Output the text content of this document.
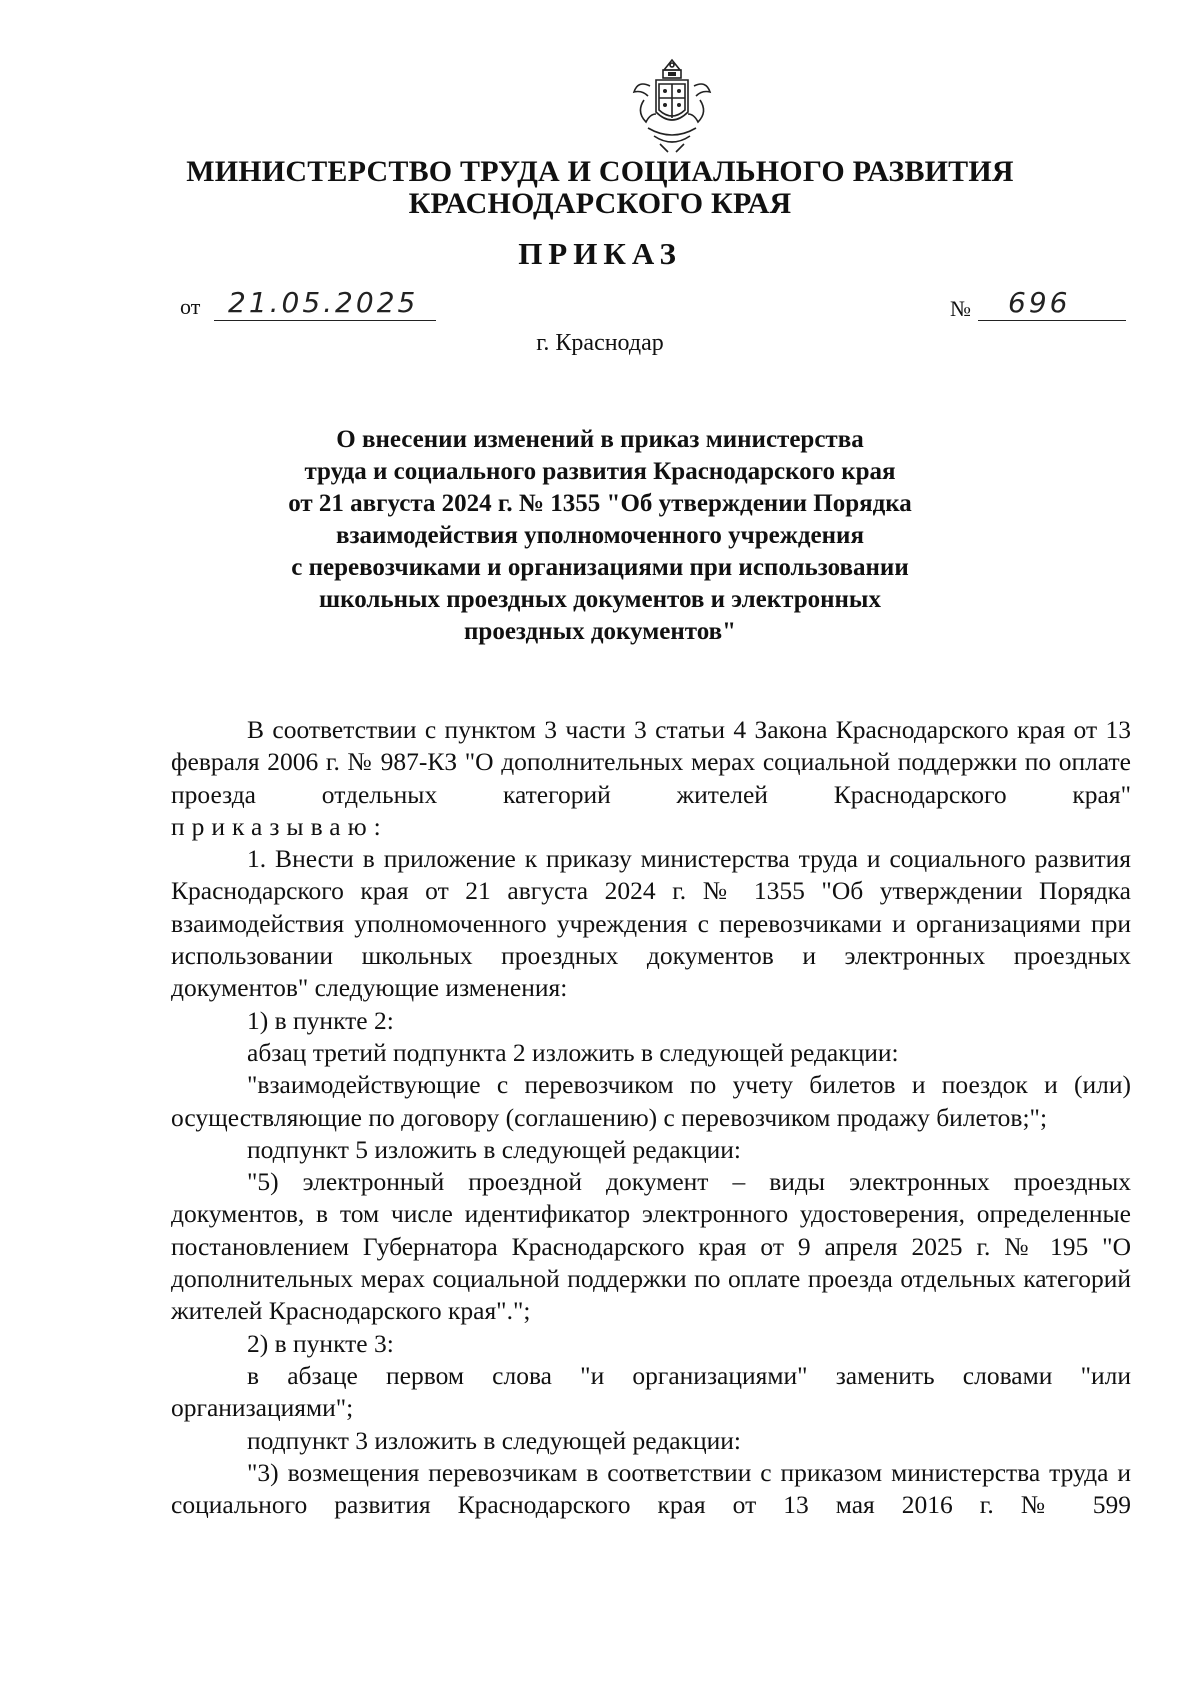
МИНИСТЕРСТВО ТРУДА И СОЦИАЛЬНОГО РАЗВИТИЯ
КРАСНОДАРСКОГО КРАЯ
ПРИКАЗ
от 21.05.2025	№ 696
г. Краснодар
О внесении изменений в приказ министерства
труда и социального развития Краснодарского края
от 21 августа 2024 г. № 1355 "Об утверждении Порядка
взаимодействия уполномоченного учреждения
с перевозчиками и организациями при использовании
школьных проездных документов и электронных
проездных документов"

В соответствии с пунктом 3 части 3 статьи 4 Закона Краснодарского края от 13 февраля 2006 г. № 987-КЗ "О дополнительных мерах социальной поддержки по оплате проезда отдельных категорий жителей Краснодарского края"

приказываю:

1. Внести в приложение к приказу министерства труда и социального развития Краснодарского края от 21 августа 2024 г. № 1355 "Об утверждении Порядка взаимодействия уполномоченного учреждения с перевозчиками и организациями при использовании школьных проездных документов и электронных проездных документов" следующие изменения:

1) в пункте 2:

абзац третий подпункта 2 изложить в следующей редакции:

"взаимодействующие с перевозчиком по учету билетов и поездок и (или) осуществляющие по договору (соглашению) с перевозчиком продажу билетов;";

подпункт 5 изложить в следующей редакции:

"5) электронный проездной документ – виды электронных проездных документов, в том числе идентификатор электронного удостоверения, определенные постановлением Губернатора Краснодарского края от 9 апреля 2025 г. № 195 "О дополнительных мерах социальной поддержки по оплате проезда отдельных категорий жителей Краснодарского края".";

2) в пункте 3:

в абзаце первом слова "и организациями" заменить словами "или организациями";

подпункт 3 изложить в следующей редакции:

"3) возмещения перевозчикам в соответствии с приказом министерства труда и социального развития Краснодарского края от 13 мая 2016 г. № 599
